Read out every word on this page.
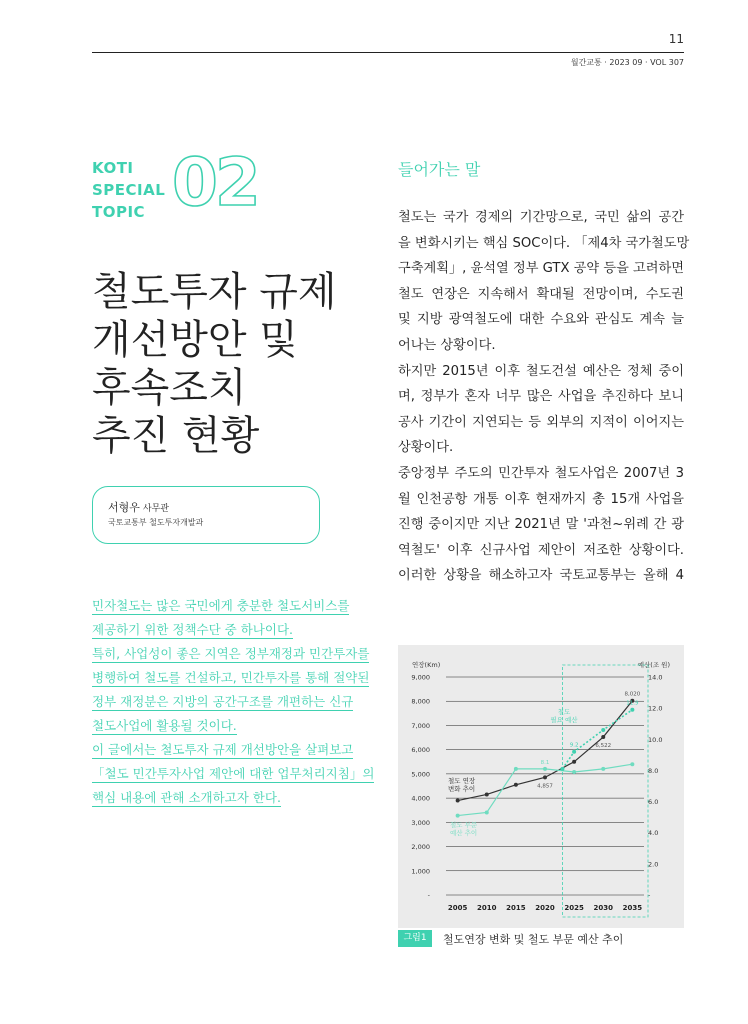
11
월간교통 · 2023 09 · VOL 307
KOTI
SPECIAL
TOPIC 02
철도투자 규제
개선방안 및
후속조치
추진 현황
서형우 사무관
국토교통부 철도투자개발과
민자철도는 많은 국민에게 충분한 철도서비스를
제공하기 위한 정책수단 중 하나이다.
특히, 사업성이 좋은 지역은 정부재정과 민간투자를
병행하여 철도를 건설하고, 민간투자를 통해 절약된
정부 재정분은 지방의 공간구조를 개편하는 신규
철도사업에 활용될 것이다.
이 글에서는 철도투자 규제 개선방안을 살펴보고
「철도 민간투자사업 제안에 대한 업무처리지침」의
핵심 내용에 관해 소개하고자 한다.
들어가는 말
철도는 국가 경제의 기간망으로, 국민 삶의 공간
을 변화시키는 핵심 SOC이다. 「제4차 국가철도망
구축계획」, 윤석열 정부 GTX 공약 등을 고려하면
철도 연장은 지속해서 확대될 전망이며, 수도권
및 지방 광역철도에 대한 수요와 관심도 계속 늘
어나는 상황이다.
하지만 2015년 이후 철도건설 예산은 정체 중이
며, 정부가 혼자 너무 많은 사업을 추진하다 보니
공사 기간이 지연되는 등 외부의 지적이 이어지는
상황이다.
중앙정부 주도의 민간투자 철도사업은 2007년 3
월 인천공항 개통 이후 현재까지 총 15개 사업을
진행 중이지만 지난 2021년 말 '과천~위례 간 광
역철도' 이후 신규사업 제안이 저조한 상황이다.
이러한 상황을 해소하고자 국토교통부는 올해 4
9,000
8,000
7,000
6,000
5,000
4,000
3,000
2,000
1,000
-
14.0
12.0
10.0
8.0
6.0
4.0
2.0
-
연장(Km)	예산(조 원)
2005 2010 2015 2020 2025 2030 2035
4,857
6,522
8,020
8.1
9.2
11.9
철도 연장
변화 추이
철도 부문
예산 추이
철도
필요 예산
그림1	철도연장 변화 및 철도 부문 예산 추이
